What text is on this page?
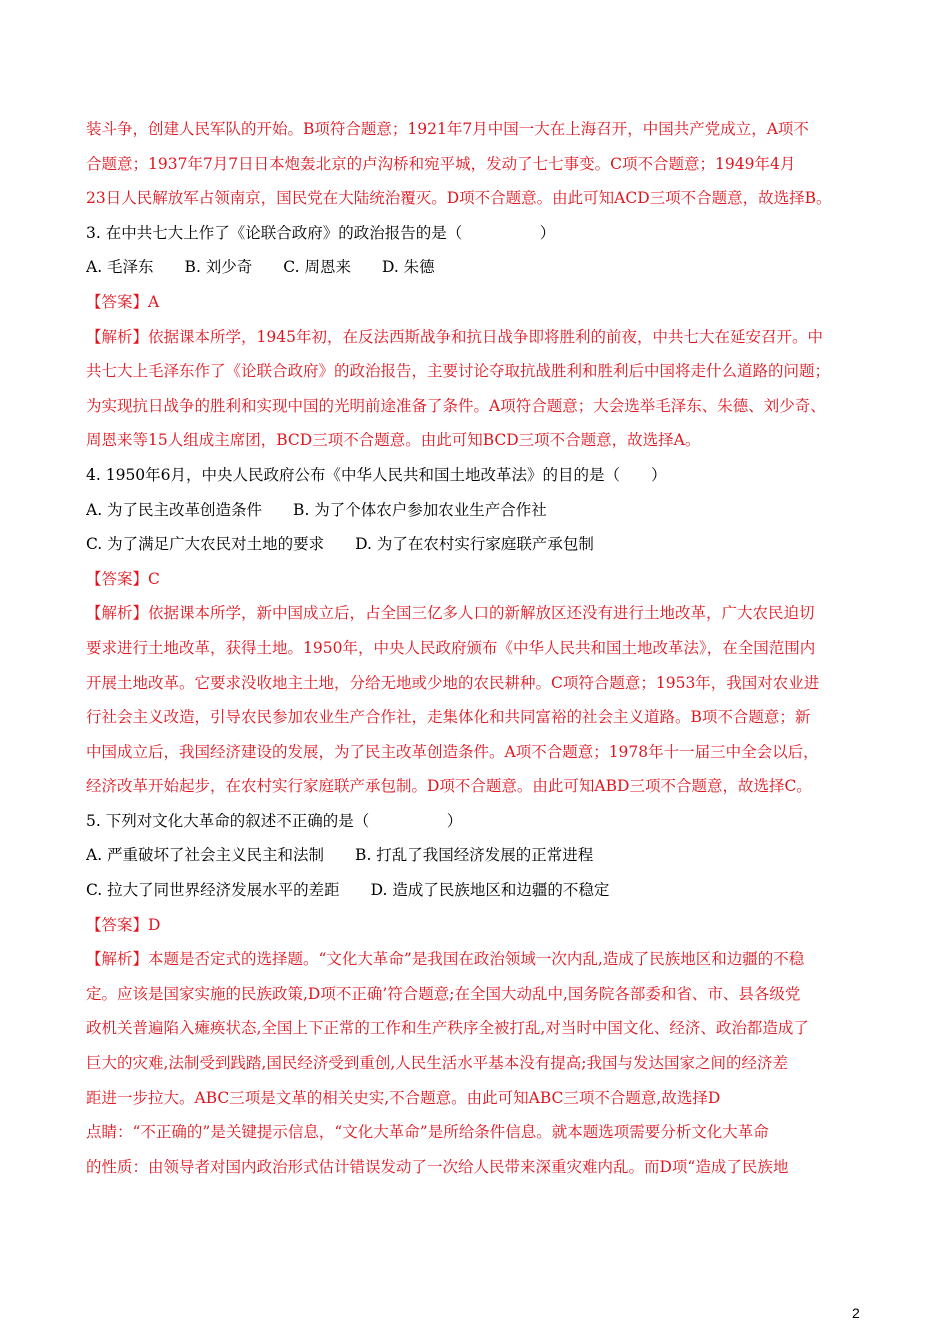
装斗争，创建人民军队的开始。B项符合题意；1921年7月中国一大在上海召开，中国共产党成立，A项不
合题意；1937年7月7日日本炮轰北京的卢沟桥和宛平城，发动了七七事变。C项不合题意；1949年4月
23日人民解放军占领南京，国民党在大陆统治覆灭。D项不合题意。由此可知ACD三项不合题意，故选择B。
3. 在中共七大上作了《论联合政府》的政治报告的是（　　　　　）
A. 毛泽东　　B. 刘少奇　　C. 周恩来　　D. 朱德
【答案】A
【解析】依据课本所学，1945年初，在反法西斯战争和抗日战争即将胜利的前夜，中共七大在延安召开。中
共七大上毛泽东作了《论联合政府》的政治报告，主要讨论夺取抗战胜利和胜利后中国将走什么道路的问题；
为实现抗日战争的胜利和实现中国的光明前途准备了条件。A项符合题意；大会选举毛泽东、朱德、刘少奇、
周恩来等15人组成主席团，BCD三项不合题意。由此可知BCD三项不合题意，故选择A。
4. 1950年6月，中央人民政府公布《中华人民共和国土地改革法》的目的是（　　）
A. 为了民主改革创造条件　　B. 为了个体农户参加农业生产合作社
C. 为了满足广大农民对土地的要求　　D. 为了在农村实行家庭联产承包制
【答案】C
【解析】依据课本所学，新中国成立后，占全国三亿多人口的新解放区还没有进行土地改革，广大农民迫切
要求进行土地改革，获得土地。1950年，中央人民政府颁布《中华人民共和国土地改革法》，在全国范围内
开展土地改革。它要求没收地主土地，分给无地或少地的农民耕种。C项符合题意；1953年，我国对农业进
行社会主义改造，引导农民参加农业生产合作社，走集体化和共同富裕的社会主义道路。B项不合题意；新
中国成立后，我国经济建设的发展，为了民主改革创造条件。A项不合题意；1978年十一届三中全会以后，
经济改革开始起步，在农村实行家庭联产承包制。D项不合题意。由此可知ABD三项不合题意，故选择C。
5. 下列对文化大革命的叙述不正确的是（　　　　　）
A. 严重破坏了社会主义民主和法制　　B. 打乱了我国经济发展的正常进程
C. 拉大了同世界经济发展水平的差距　　D. 造成了民族地区和边疆的不稳定
【答案】D
【解析】本题是否定式的选择题。“文化大革命”是我国在政治领域一次内乱,造成了民族地区和边疆的不稳
定。应该是国家实施的民族政策,D项不正确’符合题意;在全国大动乱中,国务院各部委和省、市、县各级党
政机关普遍陷入瘫痪状态,全国上下正常的工作和生产秩序全被打乱,对当时中国文化、经济、政治都造成了
巨大的灾难,法制受到践踏,国民经济受到重创,人民生活水平基本没有提高;我国与发达国家之间的经济差
距进一步拉大。ABC三项是文革的相关史实,不合题意。由此可知ABC三项不合题意,故选择D
点睛：“不正确的”是关键提示信息，“文化大革命”是所给条件信息。就本题选项需要分析文化大革命
的性质：由领导者对国内政治形式估计错误发动了一次给人民带来深重灾难内乱。而D项“造成了民族地
2
